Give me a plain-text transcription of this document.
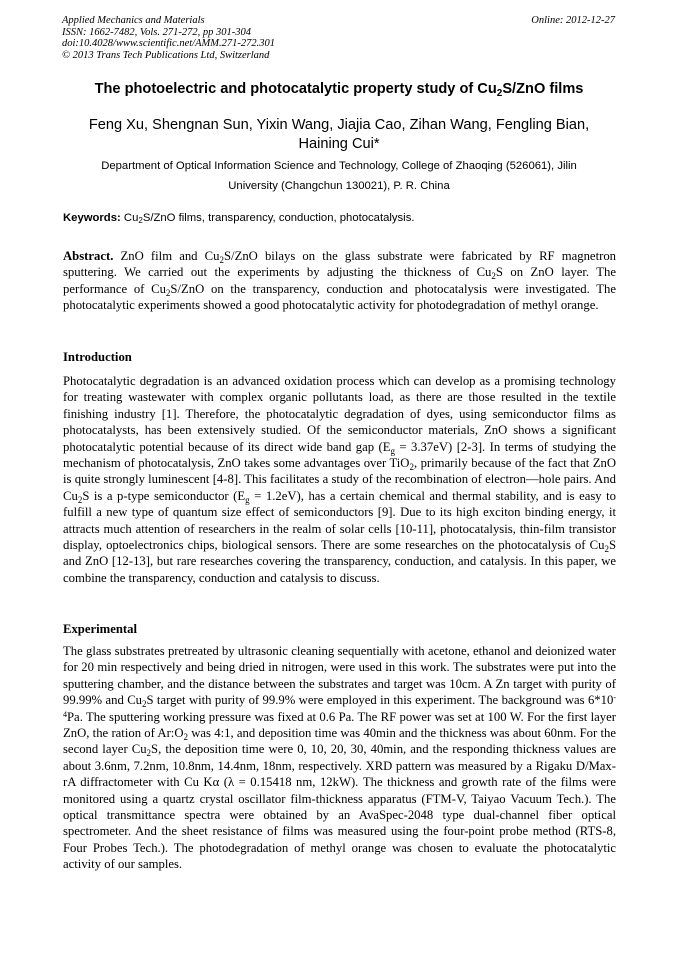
Applied Mechanics and Materials
ISSN: 1662-7482, Vols. 271-272, pp 301-304
doi:10.4028/www.scientific.net/AMM.271-272.301
© 2013 Trans Tech Publications Ltd, Switzerland
Online: 2012-12-27
The photoelectric and photocatalytic property study of $Cu_2S$/ZnO films
Feng Xu, Shengnan Sun, Yixin Wang, Jiajia Cao, Zihan Wang, Fengling Bian,
Haining Cui*
Department of Optical Information Science and Technology, College of Zhaoqing (526061), Jilin
University (Changchun 130021), P. R. China
Keywords: $Cu_2S$/ZnO films, transparency, conduction, photocatalysis.
Abstract. ZnO film and $Cu_2S$/ZnO bilays on the glass substrate were fabricated by RF magnetron sputtering. We carried out the experiments by adjusting the thickness of $Cu_2S$ on ZnO layer. The performance of $Cu_2S$/ZnO on the transparency, conduction and photocatalysis were investigated. The photocatalytic experiments showed a good photocatalytic activity for photodegradation of methyl orange.
Introduction
Photocatalytic degradation is an advanced oxidation process which can develop as a promising technology for treating wastewater with complex organic pollutants load, as there are those resulted in the textile finishing industry [1]. Therefore, the photocatalytic degradation of dyes, using semiconductor films as photocatalysts, has been extensively studied. Of the semiconductor materials, ZnO shows a significant photocatalytic potential because of its direct wide band gap $(E_g = 3.37eV)$ [2-3]. In terms of studying the mechanism of photocatalysis, ZnO takes some advantages over TiO$_2$, primarily because of the fact that ZnO is quite strongly luminescent [4-8]. This facilitates a study of the recombination of electron—hole pairs. And $Cu_2S$ is a p-type semiconductor $(E_g = 1.2eV)$, has a certain chemical and thermal stability, and is easy to fulfill a new type of quantum size effect of semiconductors [9]. Due to its high exciton binding energy, it attracts much attention of researchers in the realm of solar cells [10-11], photocatalysis, thin-film transistor display, optoelectronics chips, biological sensors. There are some researches on the photocatalysis of $Cu_2S$ and ZnO [12-13], but rare researches covering the transparency, conduction, and catalysis. In this paper, we combine the transparency, conduction and catalysis to discuss.
Experimental
The glass substrates pretreated by ultrasonic cleaning sequentially with acetone, ethanol and deionized water for 20 min respectively and being dried in nitrogen, were used in this work. The substrates were put into the sputtering chamber, and the distance between the substrates and target was 10cm. A Zn target with purity of 99.99% and $Cu_2S$ target with purity of 99.9% were employed in this experiment. The background was $6*10^{-4}Pa$. The sputtering working pressure was fixed at 0.6 Pa. The RF power was set at 100 W. For the first layer ZnO, the ration of $Ar:O_2$ was 4:1, and deposition time was 40min and the thickness was about 60nm. For the second layer $Cu_2S$, the deposition time were 0, 10, 20, 30, 40min, and the responding thickness values are about 3.6nm, 7.2nm, 10.8nm, 14.4nm, 18nm, respectively. XRD pattern was measured by a Rigaku D/Max-rA diffractometer with Cu Kα (λ = 0.15418 nm, 12kW). The thickness and growth rate of the films were monitored using a quartz crystal oscillator film-thickness apparatus (FTM-V, Taiyao Vacuum Tech.). The optical transmittance spectra were obtained by an AvaSpec-2048 type dual-channel fiber optical spectrometer. And the sheet resistance of films was measured using the four-point probe method (RTS-8, Four Probes Tech.). The photodegradation of methyl orange was chosen to evaluate the photocatalytic activity of our samples.
